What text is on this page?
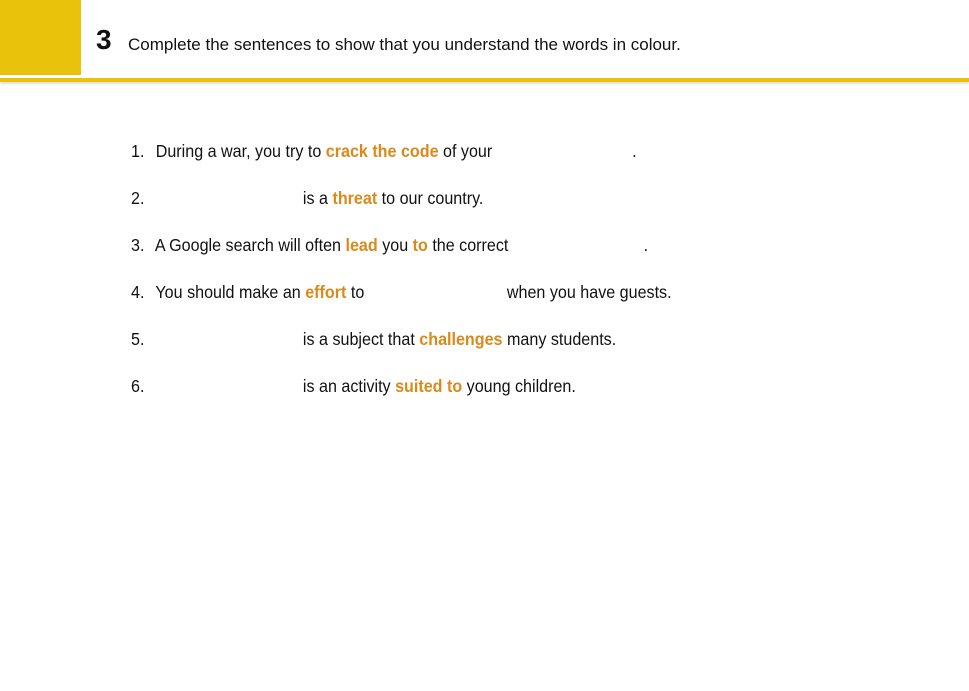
3 Complete the sentences to show that you understand the words in colour.
1. During a war, you try to crack the code of your	.
2.	is a threat to our country.
3. A Google search will often lead you to the correct	.
4. You should make an effort to	when you have guests.
5.	is a subject that challenges many students.
6.	is an activity suited to young children.
